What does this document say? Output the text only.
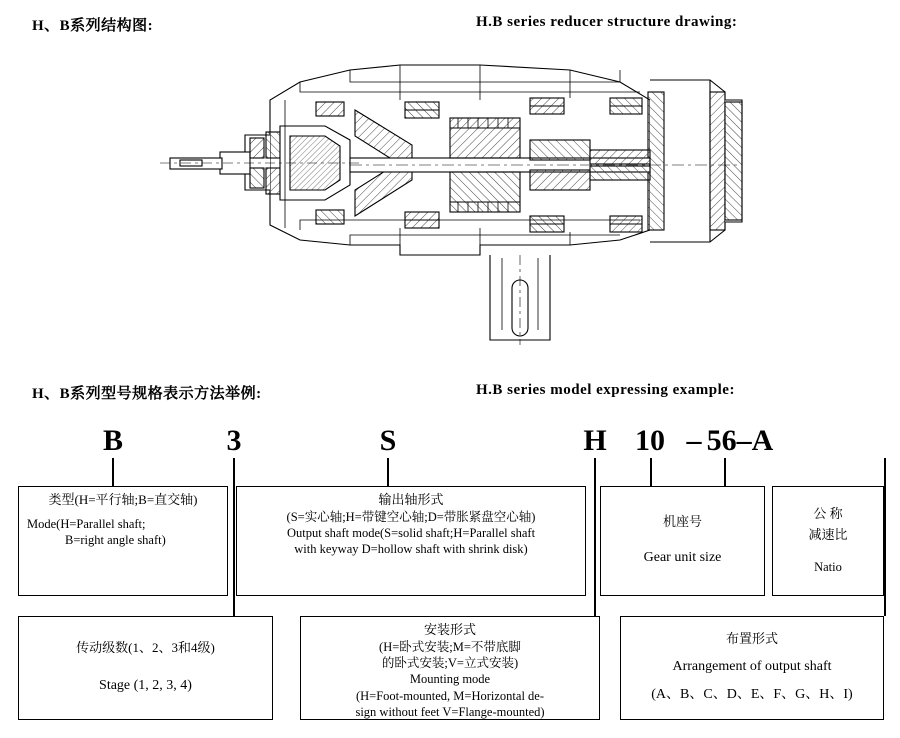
H、B系列结构图:	H.B series reducer structure drawing:
H、B系列型号规格表示方法举例:	H.B series model expressing example:
B	3	S	H 10 – 56–A
类型(H=平行轴;B=直交轴)
Mode(H=Parallel shaft;
B=right angle shaft)
输出轴形式
(S=实心轴;H=带键空心轴;D=带胀紧盘空心轴)
Output shaft mode(S=solid shaft;H=Parallel shaft
with keyway D=hollow shaft with shrink disk)
机座号
Gear unit size
公 称
减速比
Natio
传动级数(1、2、3和4级)
Stage (1, 2, 3, 4)
安装形式
(H=卧式安装;M=不带底脚
的卧式安装;V=立式安装)
Mounting mode
(H=Foot-mounted, M=Horizontal de-
sign without feet V=Flange-mounted)
布置形式
Arrangement of output shaft
(A、B、C、D、E、F、G、H、I)
